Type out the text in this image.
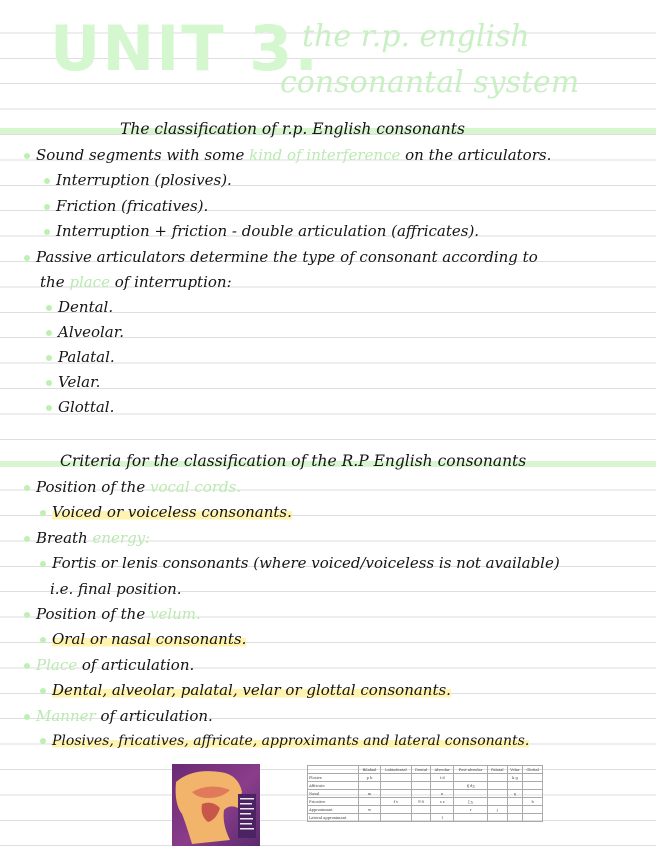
UNIT 3.
the r.p. english
consonantal system
The classification of r.p. English consonants
Sound segments with some kind of interference on the articulators.
Interruption (plosives).
Friction (fricatives).
Interruption + friction - double articulation (affricates).
Passive articulators determine the type of consonant according to
the place of interruption:
Dental.
Alveolar.
Palatal.
Velar.
Glottal.
Criteria for the classification of the R.P English consonants
Position of the vocal cords.
Voiced or voiceless consonants.
Breath energy:
Fortis or lenis consonants (where voiced/voiceless is not available)
i.e. final position.
Position of the velum.
Oral or nasal consonants.
Place of articulation.
Dental, alveolar, palatal, velar or glottal consonants.
Manner of articulation.
Plosives, fricatives, affricate, approximants and lateral consonants.
	Bilabial	Labiodental	Dental	Alveolar	Post-alveolar	Palatal	Velar	Glottal
Plosive	p b			t d			k g	
Affricate					tʃ dʒ			
Nasal	m			n			ŋ	
Fricative		f v	θ ð	s z	ʃ ʒ			h
Approximant	w				r	j		
Lateral approximant				l				
